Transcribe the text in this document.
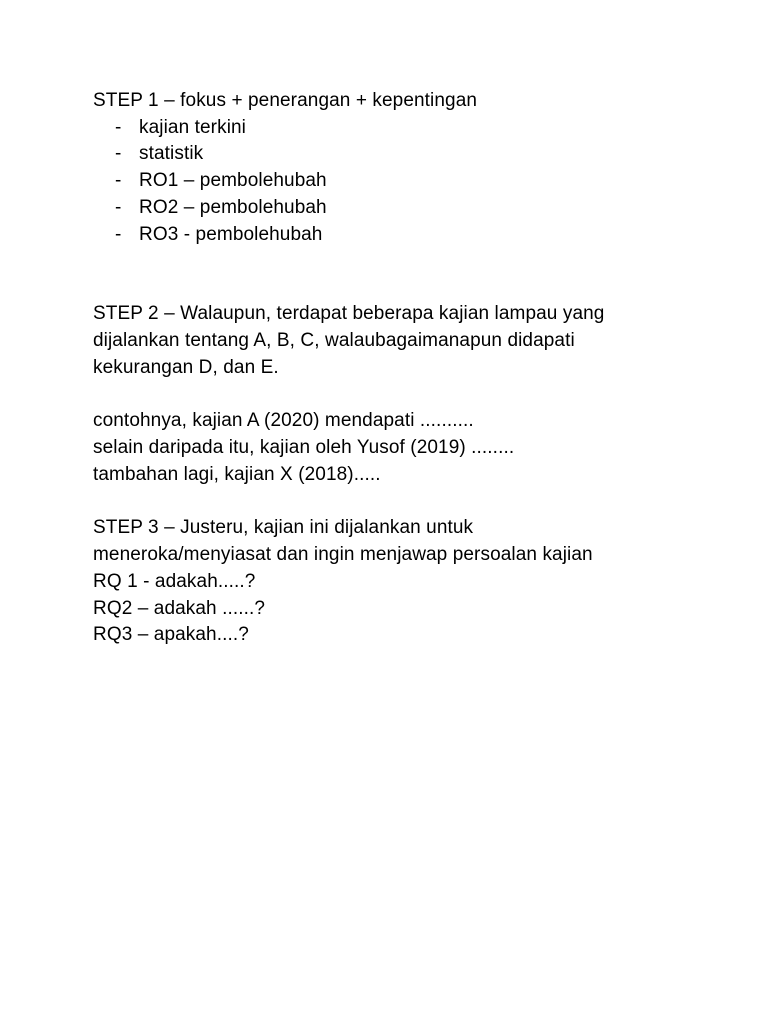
STEP 1 – fokus + penerangan + kepentingan

- kajian terkini
- statistik
- RO1 – pembolehubah
- RO2 – pembolehubah
- RO3 - pembolehubah

STEP 2 – Walaupun, terdapat beberapa kajian lampau yang

dijalankan tentang A, B, C, walaubagaimanapun didapati

kekurangan D, dan E.

contohnya, kajian A (2020) mendapati ..........

selain daripada itu, kajian oleh Yusof (2019) ........

tambahan lagi, kajian X (2018).....

STEP 3 – Justeru, kajian ini dijalankan untuk

meneroka/menyiasat dan ingin menjawap persoalan kajian

RQ 1 - adakah.....?

RQ2 – adakah ......?

RQ3 – apakah....?
